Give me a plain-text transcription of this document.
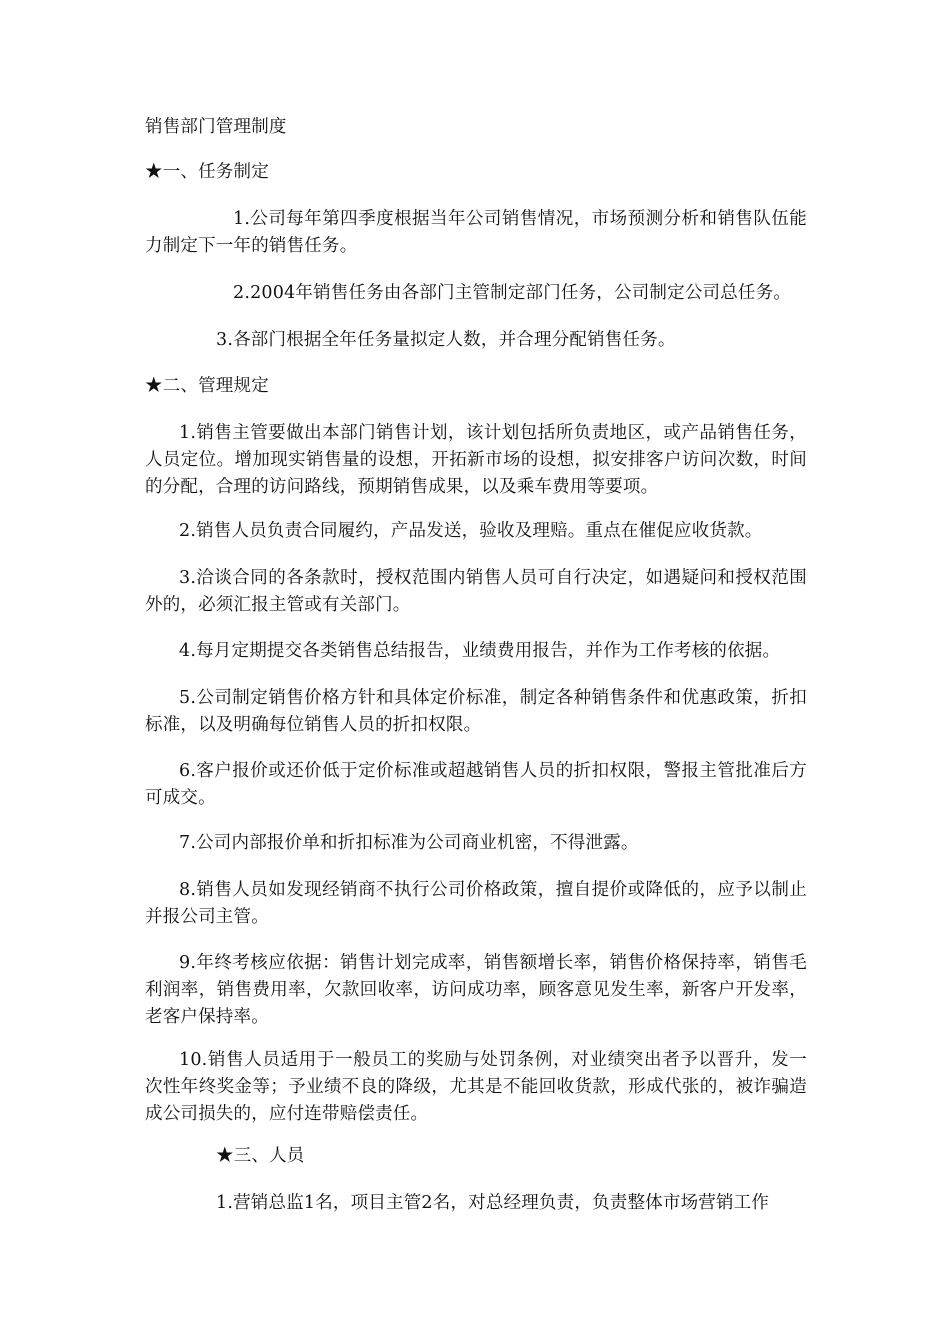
销售部门管理制度
★一、任务制定
1.公司每年第四季度根据当年公司销售情况，市场预测分析和销售队伍能力制定下一年的销售任务。
2.2004年销售任务由各部门主管制定部门任务，公司制定公司总任务。
3.各部门根据全年任务量拟定人数，并合理分配销售任务。
★二、管理规定
1.销售主管要做出本部门销售计划，该计划包括所负责地区，或产品销售任务，人员定位。增加现实销售量的设想，开拓新市场的设想，拟安排客户访问次数，时间的分配，合理的访问路线，预期销售成果，以及乘车费用等要项。
2.销售人员负责合同履约，产品发送，验收及理赔。重点在催促应收货款。
3.洽谈合同的各条款时，授权范围内销售人员可自行决定，如遇疑问和授权范围外的，必须汇报主管或有关部门。
4.每月定期提交各类销售总结报告，业绩费用报告，并作为工作考核的依据。
5.公司制定销售价格方针和具体定价标准，制定各种销售条件和优惠政策，折扣标准，以及明确每位销售人员的折扣权限。
6.客户报价或还价低于定价标准或超越销售人员的折扣权限，警报主管批准后方可成交。
7.公司内部报价单和折扣标准为公司商业机密，不得泄露。
8.销售人员如发现经销商不执行公司价格政策，擅自提价或降低的，应予以制止并报公司主管。
9.年终考核应依据：销售计划完成率，销售额增长率，销售价格保持率，销售毛利润率，销售费用率，欠款回收率，访问成功率，顾客意见发生率，新客户开发率，老客户保持率。
10.销售人员适用于一般员工的奖励与处罚条例，对业绩突出者予以晋升，发一次性年终奖金等；予业绩不良的降级，尤其是不能回收货款，形成代张的，被诈骗造成公司损失的，应付连带赔偿责任。
★三、人员
1.营销总监1名，项目主管2名，对总经理负责，负责整体市场营销工作
